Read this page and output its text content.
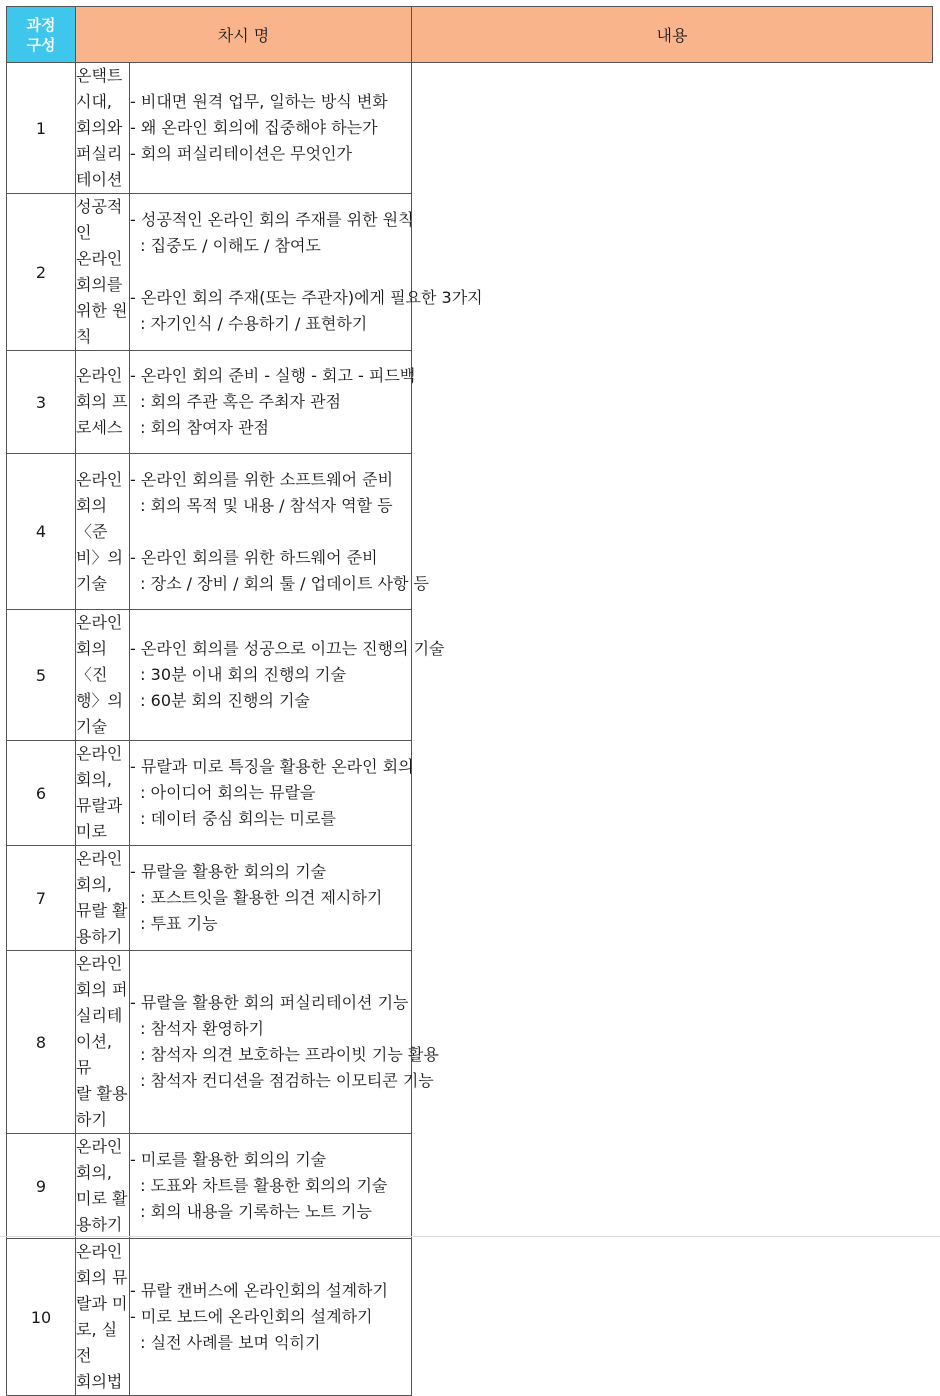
과정
구성	차시 명		내용
1	온택트 시대,
회의와 퍼실리테이션	- 비대면 원격 업무, 일하는 방식 변화
- 왜 온라인 회의에 집중해야 하는가
- 회의 퍼실리테이션은 무엇인가	

2	성공적인
온라인 회의를 위한 원칙	- 성공적인 온라인 회의 주재를 위한 원칙
: 집중도 / 이해도 / 참여도
- 온라인 회의 주재(또는 주관자)에게 필요한 3가지
: 자기인식 / 수용하기 / 표현하기	

3	온라인 회의 프로세스	- 온라인 회의 준비 - 실행 - 회고 - 피드백
: 회의 주관 혹은 주최자 관점
: 회의 참여자 관점	

4	온라인 회의 〈준비〉의 기술	- 온라인 회의를 위한 소프트웨어 준비
: 회의 목적 및 내용 / 참석자 역할 등
- 온라인 회의를 위한 하드웨어 준비
: 장소 / 장비 / 회의 툴 / 업데이트 사항 등	

5	온라인 회의 〈진행〉의 기술	- 온라인 회의를 성공으로 이끄는 진행의 기술
: 30분 이내 회의 진행의 기술
: 60분 회의 진행의 기술	

6	온라인 회의, 뮤랄과 미로	- 뮤랄과 미로 특징을 활용한 온라인 회의
: 아이디어 회의는 뮤랄을
: 데이터 중심 회의는 미로를	

7	온라인 회의, 뮤랄 활용하기	- 뮤랄을 활용한 회의의 기술
: 포스트잇을 활용한 의견 제시하기
: 투표 기능	

8	온라인 회의 퍼실리테이션, 뮤
랄 활용하기	- 뮤랄을 활용한 회의 퍼실리테이션 기능
: 참석자 환영하기
: 참석자 의견 보호하는 프라이빗 기능 활용
: 참석자 컨디션을 점검하는 이모티콘 기능	

9	온라인 회의, 미로 활용하기	- 미로를 활용한 회의의 기술
: 도표와 차트를 활용한 회의의 기술
: 회의 내용을 기록하는 노트 기능	

10	온라인 회의 뮤랄과 미로, 실전
회의법	- 뮤랄 캔버스에 온라인회의 설계하기
- 미로 보드에 온라인회의 설계하기
: 실전 사례를 보며 익히기	
